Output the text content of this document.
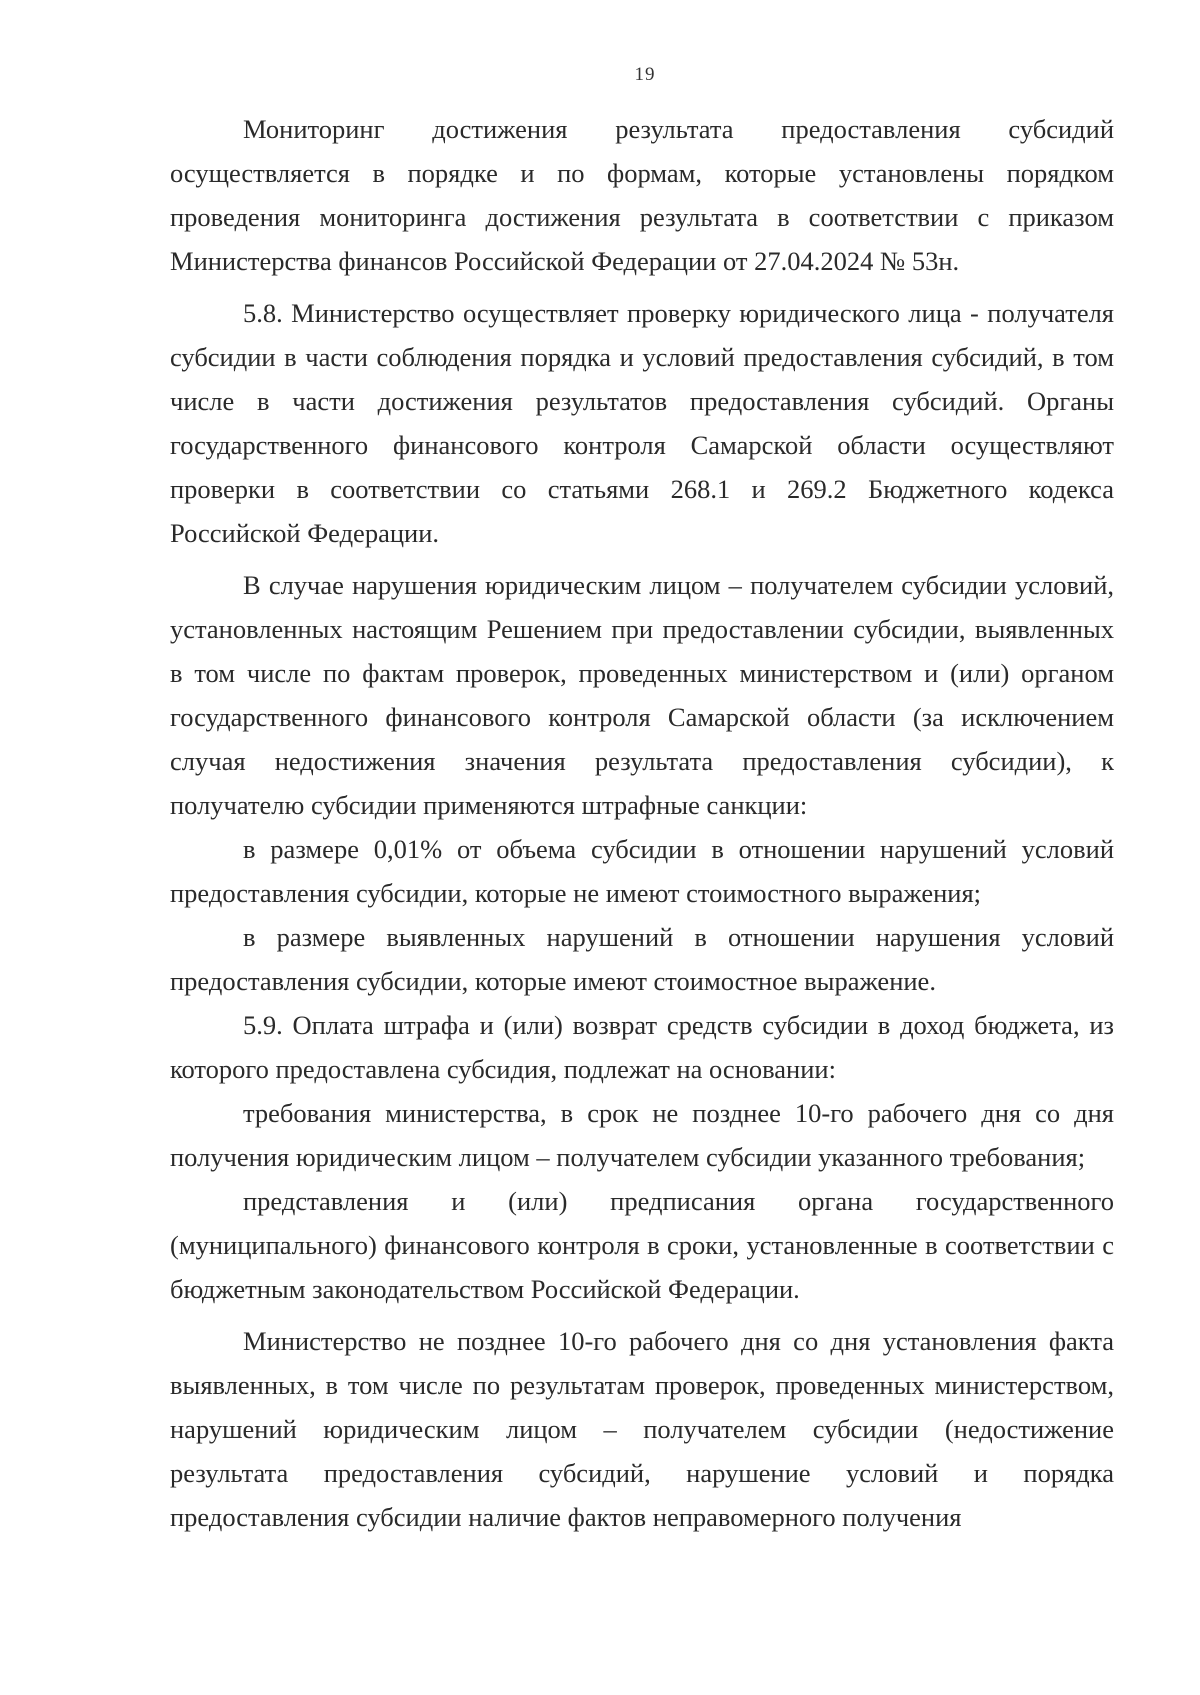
19

Мониторинг достижения результата предоставления субсидий осуществляется в порядке и по формам, которые установлены порядком проведения мониторинга достижения результата в соответствии с приказом Министерства финансов Российской Федерации от 27.04.2024 № 53н.

5.8. Министерство осуществляет проверку юридического лица - получателя субсидии в части соблюдения порядка и условий предоставления субсидий, в том числе в части достижения результатов предоставления субсидий. Органы государственного финансового контроля Самарской области осуществляют проверки в соответствии со статьями 268.1 и 269.2 Бюджетного кодекса Российской Федерации.

В случае нарушения юридическим лицом – получателем субсидии условий, установленных настоящим Решением при предоставлении субсидии, выявленных в том числе по фактам проверок, проведенных министерством и (или) органом государственного финансового контроля Самарской области (за исключением случая недостижения значения результата предоставления субсидии), к получателю субсидии применяются штрафные санкции:

в размере 0,01% от объема субсидии в отношении нарушений условий предоставления субсидии, которые не имеют стоимостного выражения;

в размере выявленных нарушений в отношении нарушения условий предоставления субсидии, которые имеют стоимостное выражение.

5.9. Оплата штрафа и (или) возврат средств субсидии в доход бюджета, из которого предоставлена субсидия, подлежат на основании:

требования министерства, в срок не позднее 10-го рабочего дня со дня получения юридическим лицом – получателем субсидии указанного требования;

представления и (или) предписания органа государственного (муниципального) финансового контроля в сроки, установленные в соответствии с бюджетным законодательством Российской Федерации.

Министерство не позднее 10-го рабочего дня со дня установления факта выявленных, в том числе по результатам проверок, проведенных министерством, нарушений юридическим лицом – получателем субсидии (недостижение результата предоставления субсидий, нарушение условий и порядка предоставления субсидии наличие фактов неправомерного получения
